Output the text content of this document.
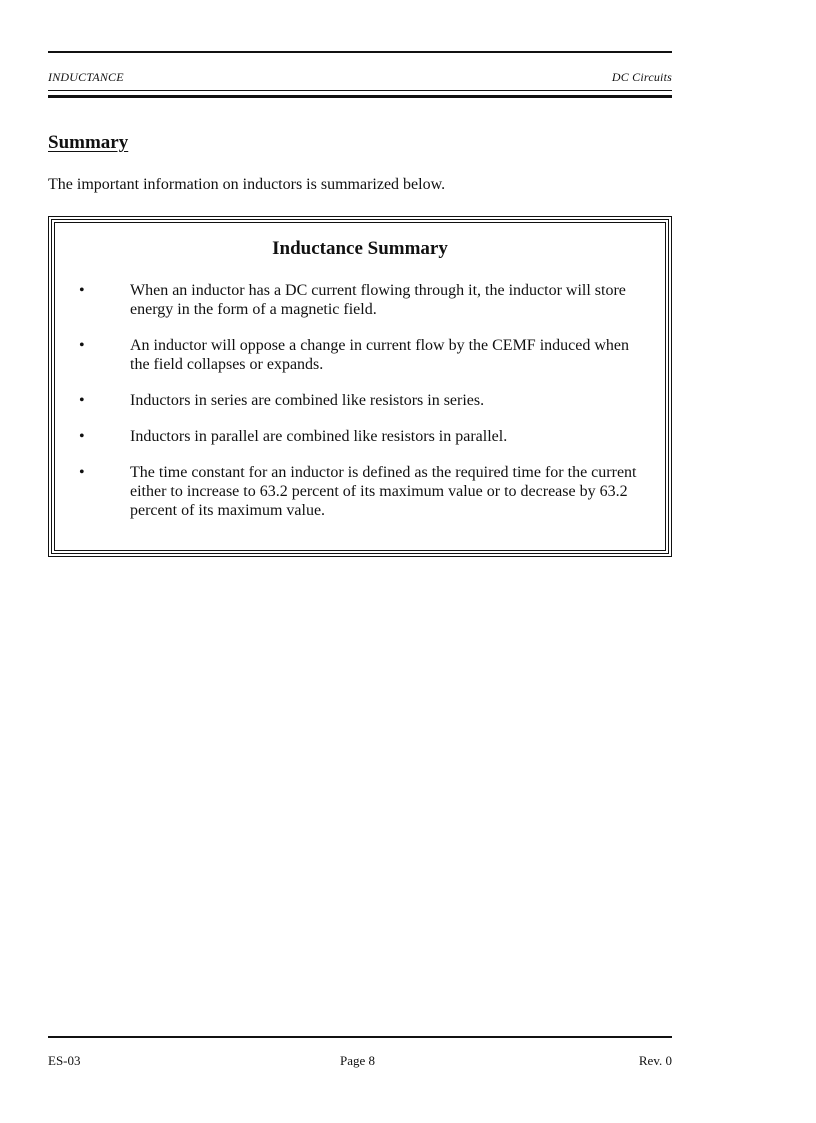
INDUCTANCE	DC Circuits
Summary

The important information on inductors is summarized below.

Inductance Summary
•	When an inductor has a DC current flowing through it, the inductor will store energy in the form of a magnetic field.
•	An inductor will oppose a change in current flow by the CEMF induced when the field collapses or expands.
•	Inductors in series are combined like resistors in series.
•	Inductors in parallel are combined like resistors in parallel.
•	The time constant for an inductor is defined as the required time for the current either to increase to 63.2 percent of its maximum value or to decrease by 63.2 percent of its maximum value.
ES-03	Page 8	Rev. 0
